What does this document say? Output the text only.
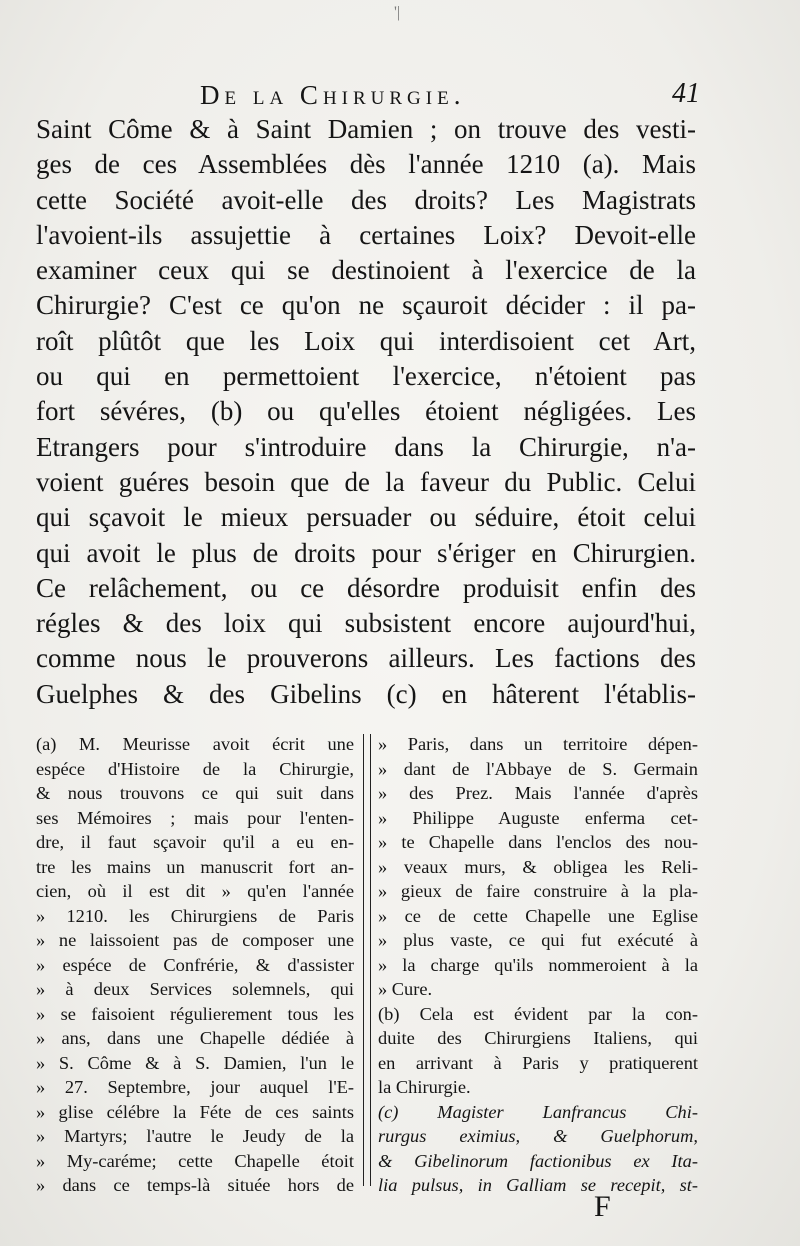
'|
De la Chirurgie.	41
Saint Côme & à Saint Damien ; on trouve des vesti-
ges de ces Assemblées dès l'année 1210 (a). Mais
cette Société avoit-elle des droits? Les Magistrats
l'avoient-ils assujettie à certaines Loix? Devoit-elle
examiner ceux qui se destinoient à l'exercice de la
Chirurgie? C'est ce qu'on ne sçauroit décider : il pa-
roît plûtôt que les Loix qui interdisoient cet Art,
ou qui en permettoient l'exercice, n'étoient pas
fort sévéres, (b) ou qu'elles étoient négligées. Les
Etrangers pour s'introduire dans la Chirurgie, n'a-
voient guéres besoin que de la faveur du Public. Celui
qui sçavoit le mieux persuader ou séduire, étoit celui
qui avoit le plus de droits pour s'ériger en Chirurgien.
Ce relâchement, ou ce désordre produisit enfin des
régles & des loix qui subsistent encore aujourd'hui,
comme nous le prouverons ailleurs. Les factions des
Guelphes & des Gibelins (c) en hâterent l'établis-
(a) M. Meurisse avoit écrit une
espéce d'Histoire de la Chirurgie,
& nous trouvons ce qui suit dans
ses Mémoires ; mais pour l'enten-
dre, il faut sçavoir qu'il a eu en-
tre les mains un manuscrit fort an-
cien, où il est dit » qu'en l'année
» 1210. les Chirurgiens de Paris
» ne laissoient pas de composer une
» espéce de Confrérie, & d'assister
» à deux Services solemnels, qui
» se faisoient régulierement tous les
» ans, dans une Chapelle dédiée à
» S. Côme & à S. Damien, l'un le
» 27. Septembre, jour auquel l'E-
» glise célébre la Féte de ces saints
» Martyrs; l'autre le Jeudy de la
» My-caréme; cette Chapelle étoit
» dans ce temps-là située hors de
» Paris, dans un territoire dépen-
» dant de l'Abbaye de S. Germain
» des Prez. Mais l'année d'après
» Philippe Auguste enferma cet-
» te Chapelle dans l'enclos des nou-
» veaux murs, & obligea les Reli-
» gieux de faire construire à la pla-
» ce de cette Chapelle une Eglise
» plus vaste, ce qui fut exécuté à
» la charge qu'ils nommeroient à la
» Cure.
(b) Cela est évident par la con-
duite des Chirurgiens Italiens, qui
en arrivant à Paris y pratiquerent
la Chirurgie.
(c) Magister Lanfrancus Chi-
rurgus eximius, & Guelphorum,
& Gibelinorum factionibus ex Ita-
lia pulsus, in Galliam se recepit, st-
F
